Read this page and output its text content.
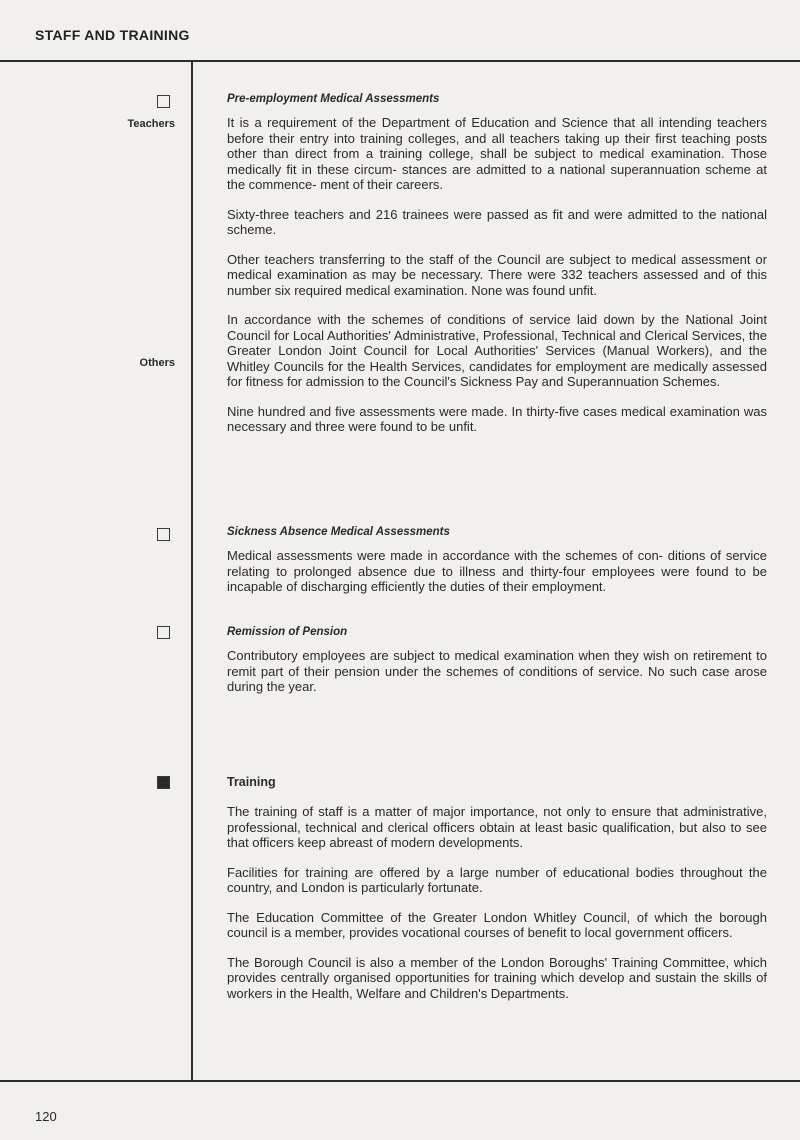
STAFF AND TRAINING
Teachers
Others
Pre-employment Medical Assessments

It is a requirement of the Department of Education and Science that all intending teachers before their entry into training colleges, and all teachers taking up their first teaching posts other than direct from a training college, shall be subject to medical examination. Those medically fit in these circum- stances are admitted to a national superannuation scheme at the commence- ment of their careers.

Sixty-three teachers and 216 trainees were passed as fit and were admitted to the national scheme.

Other teachers transferring to the staff of the Council are subject to medical assessment or medical examination as may be necessary. There were 332 teachers assessed and of this number six required medical examination. None was found unfit.

In accordance with the schemes of conditions of service laid down by the National Joint Council for Local Authorities' Administrative, Professional, Technical and Clerical Services, the Greater London Joint Council for Local Authorities' Services (Manual Workers), and the Whitley Councils for the Health Services, candidates for employment are medically assessed for fitness for admission to the Council's Sickness Pay and Superannuation Schemes.

Nine hundred and five assessments were made. In thirty-five cases medical examination was necessary and three were found to be unfit.

Sickness Absence Medical Assessments

Medical assessments were made in accordance with the schemes of con- ditions of service relating to prolonged absence due to illness and thirty-four employees were found to be incapable of discharging efficiently the duties of their employment.

Remission of Pension

Contributory employees are subject to medical examination when they wish on retirement to remit part of their pension under the schemes of conditions of service. No such case arose during the year.

Training

The training of staff is a matter of major importance, not only to ensure that administrative, professional, technical and clerical officers obtain at least basic qualification, but also to see that officers keep abreast of modern developments.

Facilities for training are offered by a large number of educational bodies throughout the country, and London is particularly fortunate.

The Education Committee of the Greater London Whitley Council, of which the borough council is a member, provides vocational courses of benefit to local government officers.

The Borough Council is also a member of the London Boroughs' Training Committee, which provides centrally organised opportunities for training which develop and sustain the skills of workers in the Health, Welfare and Children's Departments.

120
